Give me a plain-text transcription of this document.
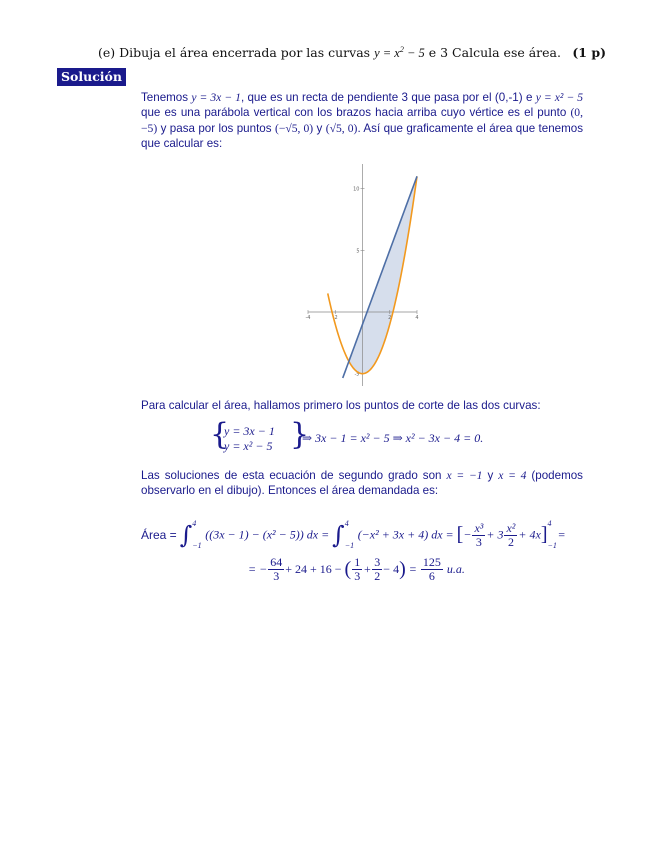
(e) Dibuja el área encerrada por las curvas $y = x^2 - 5$ e 3 Calcula ese área. (1 p)
Solución
Tenemos y = 3x − 1, que es un recta de pendiente 3 que pasa por el (0,-1) e y = x² − 5 que es una parábola vertical con los brazos hacia arriba cuyo vértice es el punto (0, −5) y pasa por los puntos (−√5, 0) y (√5, 0). Así que graficamente el área que tenemos que calcular es:
-4	-2	2	4
-5
5
10
Para calcular el área, hallamos primero los puntos de corte de las dos curvas:
{
y = 3x − 1
y = x² − 5 }
⇒ 3x − 1 = x² − 5 ⇒ x² − 3x − 4 = 0.
Las soluciones de esta ecuación de segundo grado son x = −1 y x = 4 (podemos observarlo en el dibujo). Entonces el área demandada es:
Área = ∫ 4
−1
((3x − 1) − (x² − 5)) dx = ∫ 4
−1
(−x² + 3x + 4) dx = [− $\frac{\text{x³}}{3} + 3 \frac{\text{x²}}{2} + 4x$] 4
−1
=
= − $\frac{64}{3} + 24 + 16$ − ( $\frac{1}{3} + \frac{3}{2} - 4) = \frac{125}{6} u.a$.
